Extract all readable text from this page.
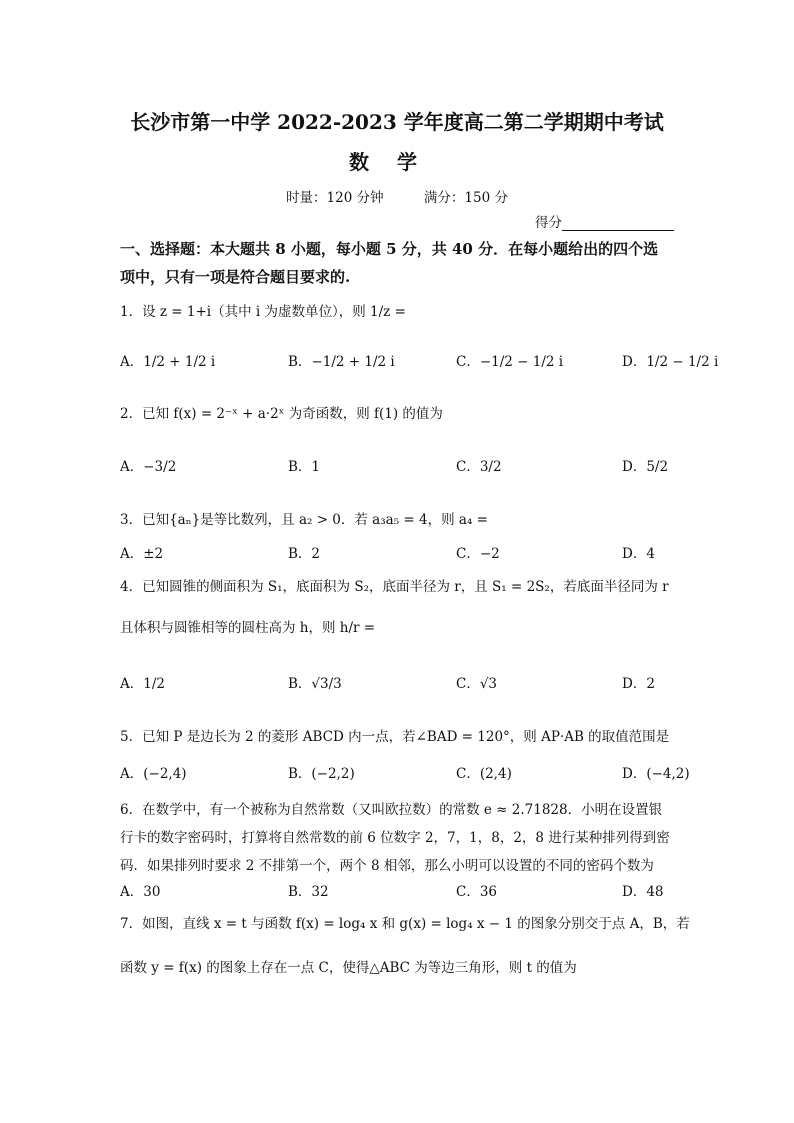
长沙市第一中学 2022-2023 学年度高二第二学期期中考试
数学
时量：120 分钟	满分：150 分
得分
一、选择题：本大题共 8 小题，每小题 5 分，共 40 分．在每小题给出的四个选
项中，只有一项是符合题目要求的.
1．设 z = 1+i（其中 i 为虚数单位），则 1/z =
A．1/2 + 1/2 i	B．−1/2 + 1/2 i	C．−1/2 − 1/2 i	D．1/2 − 1/2 i
2．已知 f(x) = 2⁻ˣ + a·2ˣ 为奇函数，则 f(1) 的值为
A．−3/2	B．1	C．3/2	D．5/2
3．已知{aₙ}是等比数列，且 a₂ > 0．若 a₃a₅ = 4，则 a₄ =
A．±2	B．2	C．−2	D．4
4．已知圆锥的侧面积为 S₁，底面积为 S₂，底面半径为 r，且 S₁ = 2S₂，若底面半径同为 r
且体积与圆锥相等的圆柱高为 h，则 h/r =
A．1/2	B．√3/3	C．√3	D．2
5．已知 P 是边长为 2 的菱形 ABCD 内一点，若∠BAD = 120°，则 AP·AB 的取值范围是
A．(−2,4)	B．(−2,2)	C．(2,4)	D．(−4,2)
6．在数学中，有一个被称为自然常数（又叫欧拉数）的常数 e ≈ 2.71828．小明在设置银
行卡的数字密码时，打算将自然常数的前 6 位数字 2，7，1，8，2，8 进行某种排列得到密
码．如果排列时要求 2 不排第一个，两个 8 相邻，那么小明可以设置的不同的密码个数为
A．30	B．32	C．36	D．48
7．如图，直线 x = t 与函数 f(x) = log₄ x 和 g(x) = log₄ x − 1 的图象分别交于点 A，B，若
函数 y = f(x) 的图象上存在一点 C，使得△ABC 为等边三角形，则 t 的值为
